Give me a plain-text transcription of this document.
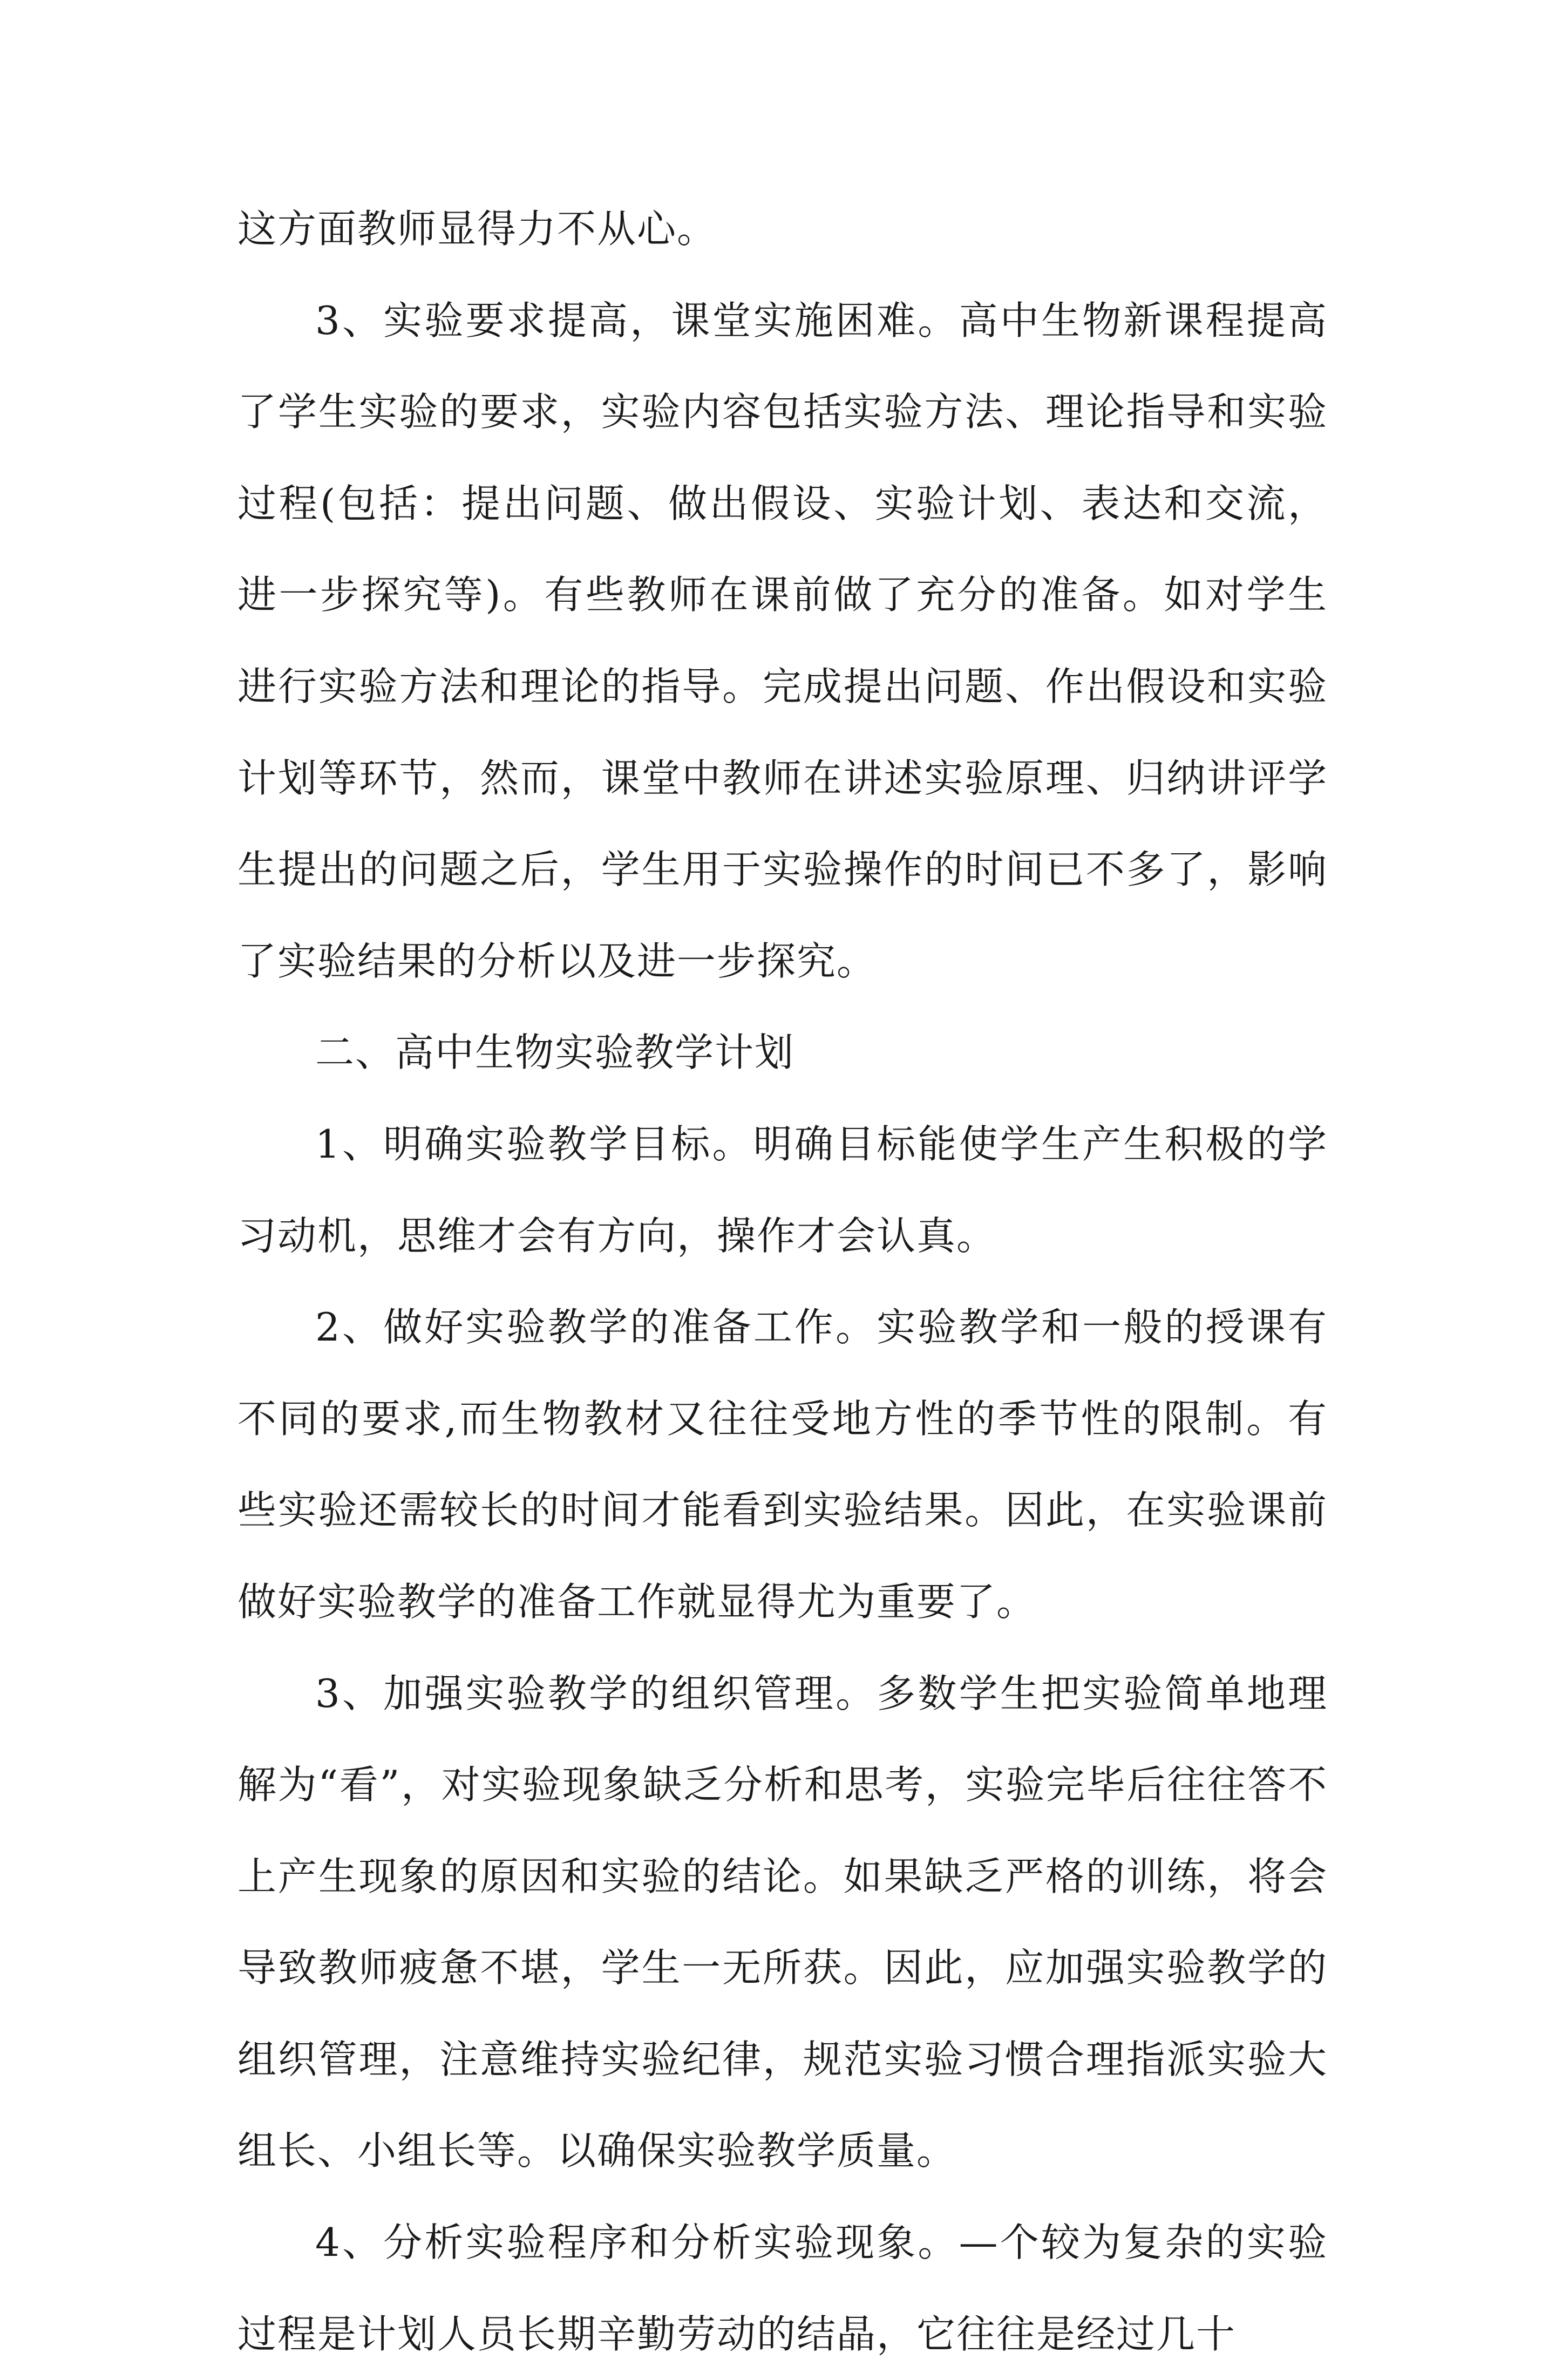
这方面教师显得力不从心。

3、实验要求提高，课堂实施困难。高中生物新课程提高了学生实验的要求，实验内容包括实验方法、理论指导和实验过程(包括：提出问题、做出假设、实验计划、表达和交流，进一步探究等)。有些教师在课前做了充分的准备。如对学生进行实验方法和理论的指导。完成提出问题、作出假设和实验计划等环节，然而，课堂中教师在讲述实验原理、归纳讲评学生提出的问题之后，学生用于实验操作的时间已不多了，影响了实验结果的分析以及进一步探究。

二、高中生物实验教学计划

1、明确实验教学目标。明确目标能使学生产生积极的学习动机，思维才会有方向，操作才会认真。

2、做好实验教学的准备工作。实验教学和一般的授课有不同的要求,而生物教材又往往受地方性的季节性的限制。有些实验还需较长的时间才能看到实验结果。因此，在实验课前做好实验教学的准备工作就显得尤为重要了。

3、加强实验教学的组织管理。多数学生把实验简单地理解为“看”，对实验现象缺乏分析和思考，实验完毕后往往答不上产生现象的原因和实验的结论。如果缺乏严格的训练，将会导致教师疲惫不堪，学生一无所获。因此，应加强实验教学的组织管理，注意维持实验纪律，规范实验习惯合理指派实验大组长、小组长等。以确保实验教学质量。

4、分析实验程序和分析实验现象。—个较为复杂的实验过程是计划人员长期辛勤劳动的结晶，它往往是经过几十
